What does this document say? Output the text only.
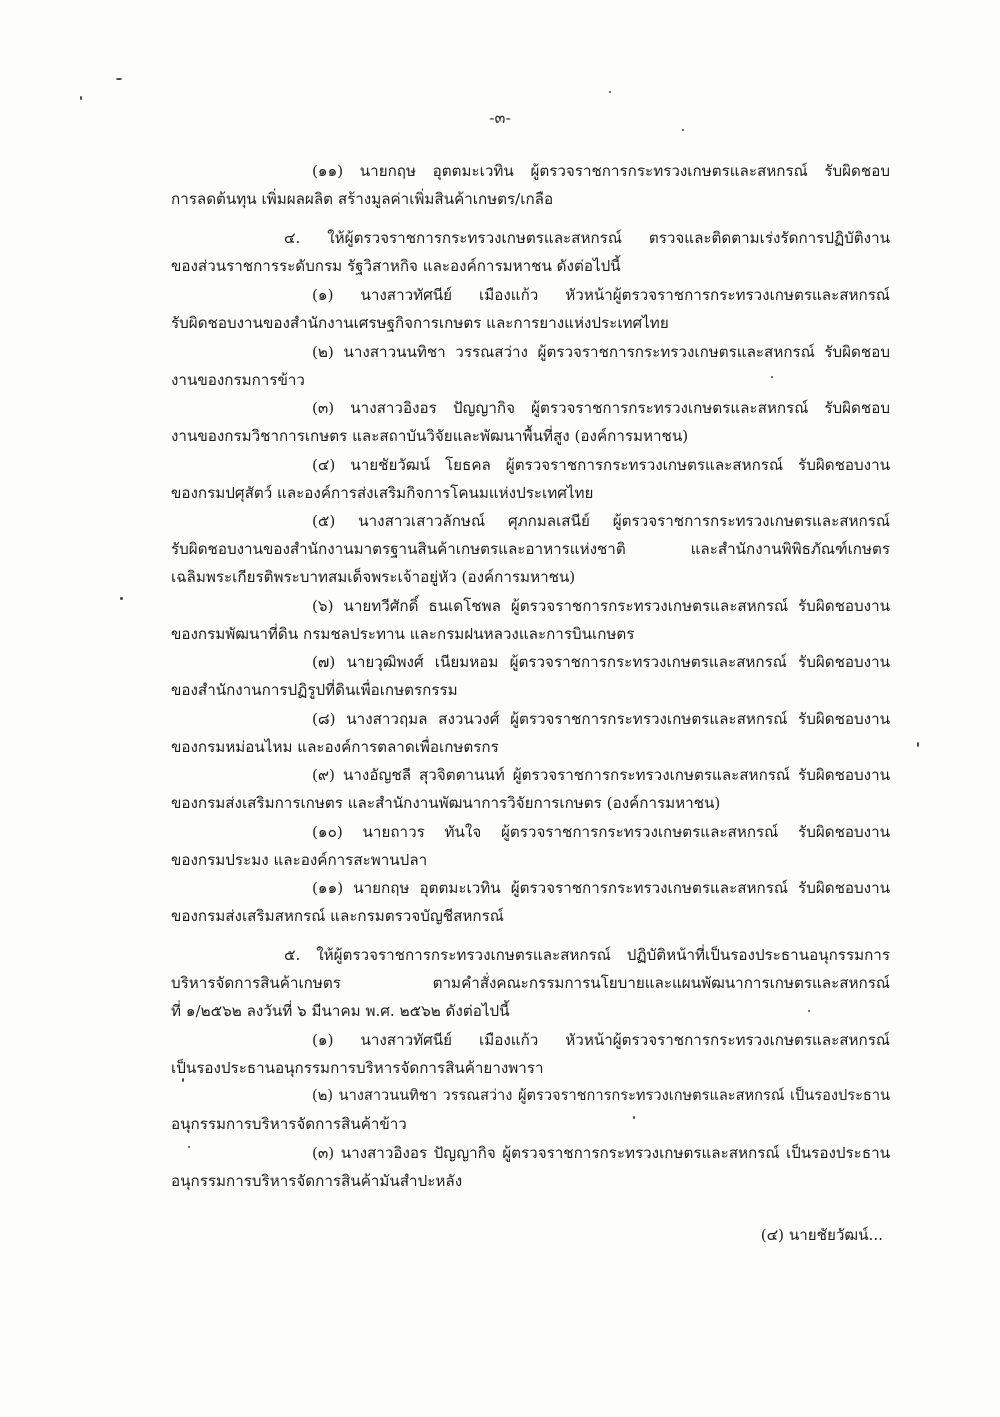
-๓-
(๑๑) นายกฤษ อุตตมะเวทิน ผู้ตรวจราชการกระทรวงเกษตรและสหกรณ์ รับผิดชอบ
การลดต้นทุน เพิ่มผลผลิต สร้างมูลค่าเพิ่มสินค้าเกษตร/เกลือ
๔. ให้ผู้ตรวจราชการกระทรวงเกษตรและสหกรณ์ ตรวจและติดตามเร่งรัดการปฏิบัติงาน
ของส่วนราชการระดับกรม รัฐวิสาหกิจ และองค์การมหาชน ดังต่อไปนี้
(๑) นางสาวทัศนีย์ เมืองแก้ว หัวหน้าผู้ตรวจราชการกระทรวงเกษตรและสหกรณ์
รับผิดชอบงานของสำนักงานเศรษฐกิจการเกษตร และการยางแห่งประเทศไทย
(๒) นางสาวนนทิชา วรรณสว่าง ผู้ตรวจราชการกระทรวงเกษตรและสหกรณ์ รับผิดชอบ
งานของกรมการข้าว
(๓) นางสาวอิงอร ปัญญากิจ ผู้ตรวจราชการกระทรวงเกษตรและสหกรณ์ รับผิดชอบ
งานของกรมวิชาการเกษตร และสถาบันวิจัยและพัฒนาพื้นที่สูง (องค์การมหาชน)
(๔) นายชัยวัฒน์ โยธคล ผู้ตรวจราชการกระทรวงเกษตรและสหกรณ์ รับผิดชอบงาน
ของกรมปศุสัตว์ และองค์การส่งเสริมกิจการโคนมแห่งประเทศไทย
(๕) นางสาวเสาวลักษณ์ ศุภกมลเสนีย์ ผู้ตรวจราชการกระทรวงเกษตรและสหกรณ์
รับผิดชอบงานของสำนักงานมาตรฐานสินค้าเกษตรและอาหารแห่งชาติ และสำนักงานพิพิธภัณฑ์เกษตร
เฉลิมพระเกียรติพระบาทสมเด็จพระเจ้าอยู่หัว (องค์การมหาชน)
(๖) นายทวีศักดิ์ ธนเดโชพล ผู้ตรวจราชการกระทรวงเกษตรและสหกรณ์ รับผิดชอบงาน
ของกรมพัฒนาที่ดิน กรมชลประทาน และกรมฝนหลวงและการบินเกษตร
(๗) นายวุฒิพงศ์ เนียมหอม ผู้ตรวจราชการกระทรวงเกษตรและสหกรณ์ รับผิดชอบงาน
ของสำนักงานการปฏิรูปที่ดินเพื่อเกษตรกรรม
(๘) นางสาวฤมล สงวนวงศ์ ผู้ตรวจราชการกระทรวงเกษตรและสหกรณ์ รับผิดชอบงาน
ของกรมหม่อนไหม และองค์การตลาดเพื่อเกษตรกร
(๙) นางอัญชลี สุวจิตตานนท์ ผู้ตรวจราชการกระทรวงเกษตรและสหกรณ์ รับผิดชอบงาน
ของกรมส่งเสริมการเกษตร และสำนักงานพัฒนาการวิจัยการเกษตร (องค์การมหาชน)
(๑๐) นายถาวร ทันใจ ผู้ตรวจราชการกระทรวงเกษตรและสหกรณ์ รับผิดชอบงาน
ของกรมประมง และองค์การสะพานปลา
(๑๑) นายกฤษ อุตตมะเวทิน ผู้ตรวจราชการกระทรวงเกษตรและสหกรณ์ รับผิดชอบงาน
ของกรมส่งเสริมสหกรณ์ และกรมตรวจบัญชีสหกรณ์
๕. ให้ผู้ตรวจราชการกระทรวงเกษตรและสหกรณ์ ปฏิบัติหน้าที่เป็นรองประธานอนุกรรมการ
บริหารจัดการสินค้าเกษตร ตามคำสั่งคณะกรรมการนโยบายและแผนพัฒนาการเกษตรและสหกรณ์
ที่ ๑/๒๕๖๒ ลงวันที่ ๖ มีนาคม พ.ศ. ๒๕๖๒ ดังต่อไปนี้
(๑) นางสาวทัศนีย์ เมืองแก้ว หัวหน้าผู้ตรวจราชการกระทรวงเกษตรและสหกรณ์
เป็นรองประธานอนุกรรมการบริหารจัดการสินค้ายางพารา
(๒) นางสาวนนทิชา วรรณสว่าง ผู้ตรวจราชการกระทรวงเกษตรและสหกรณ์ เป็นรองประธาน
อนุกรรมการบริหารจัดการสินค้าข้าว
(๓) นางสาวอิงอร ปัญญากิจ ผู้ตรวจราชการกระทรวงเกษตรและสหกรณ์ เป็นรองประธาน
อนุกรรมการบริหารจัดการสินค้ามันสำปะหลัง
(๔) นายชัยวัฒน์...
